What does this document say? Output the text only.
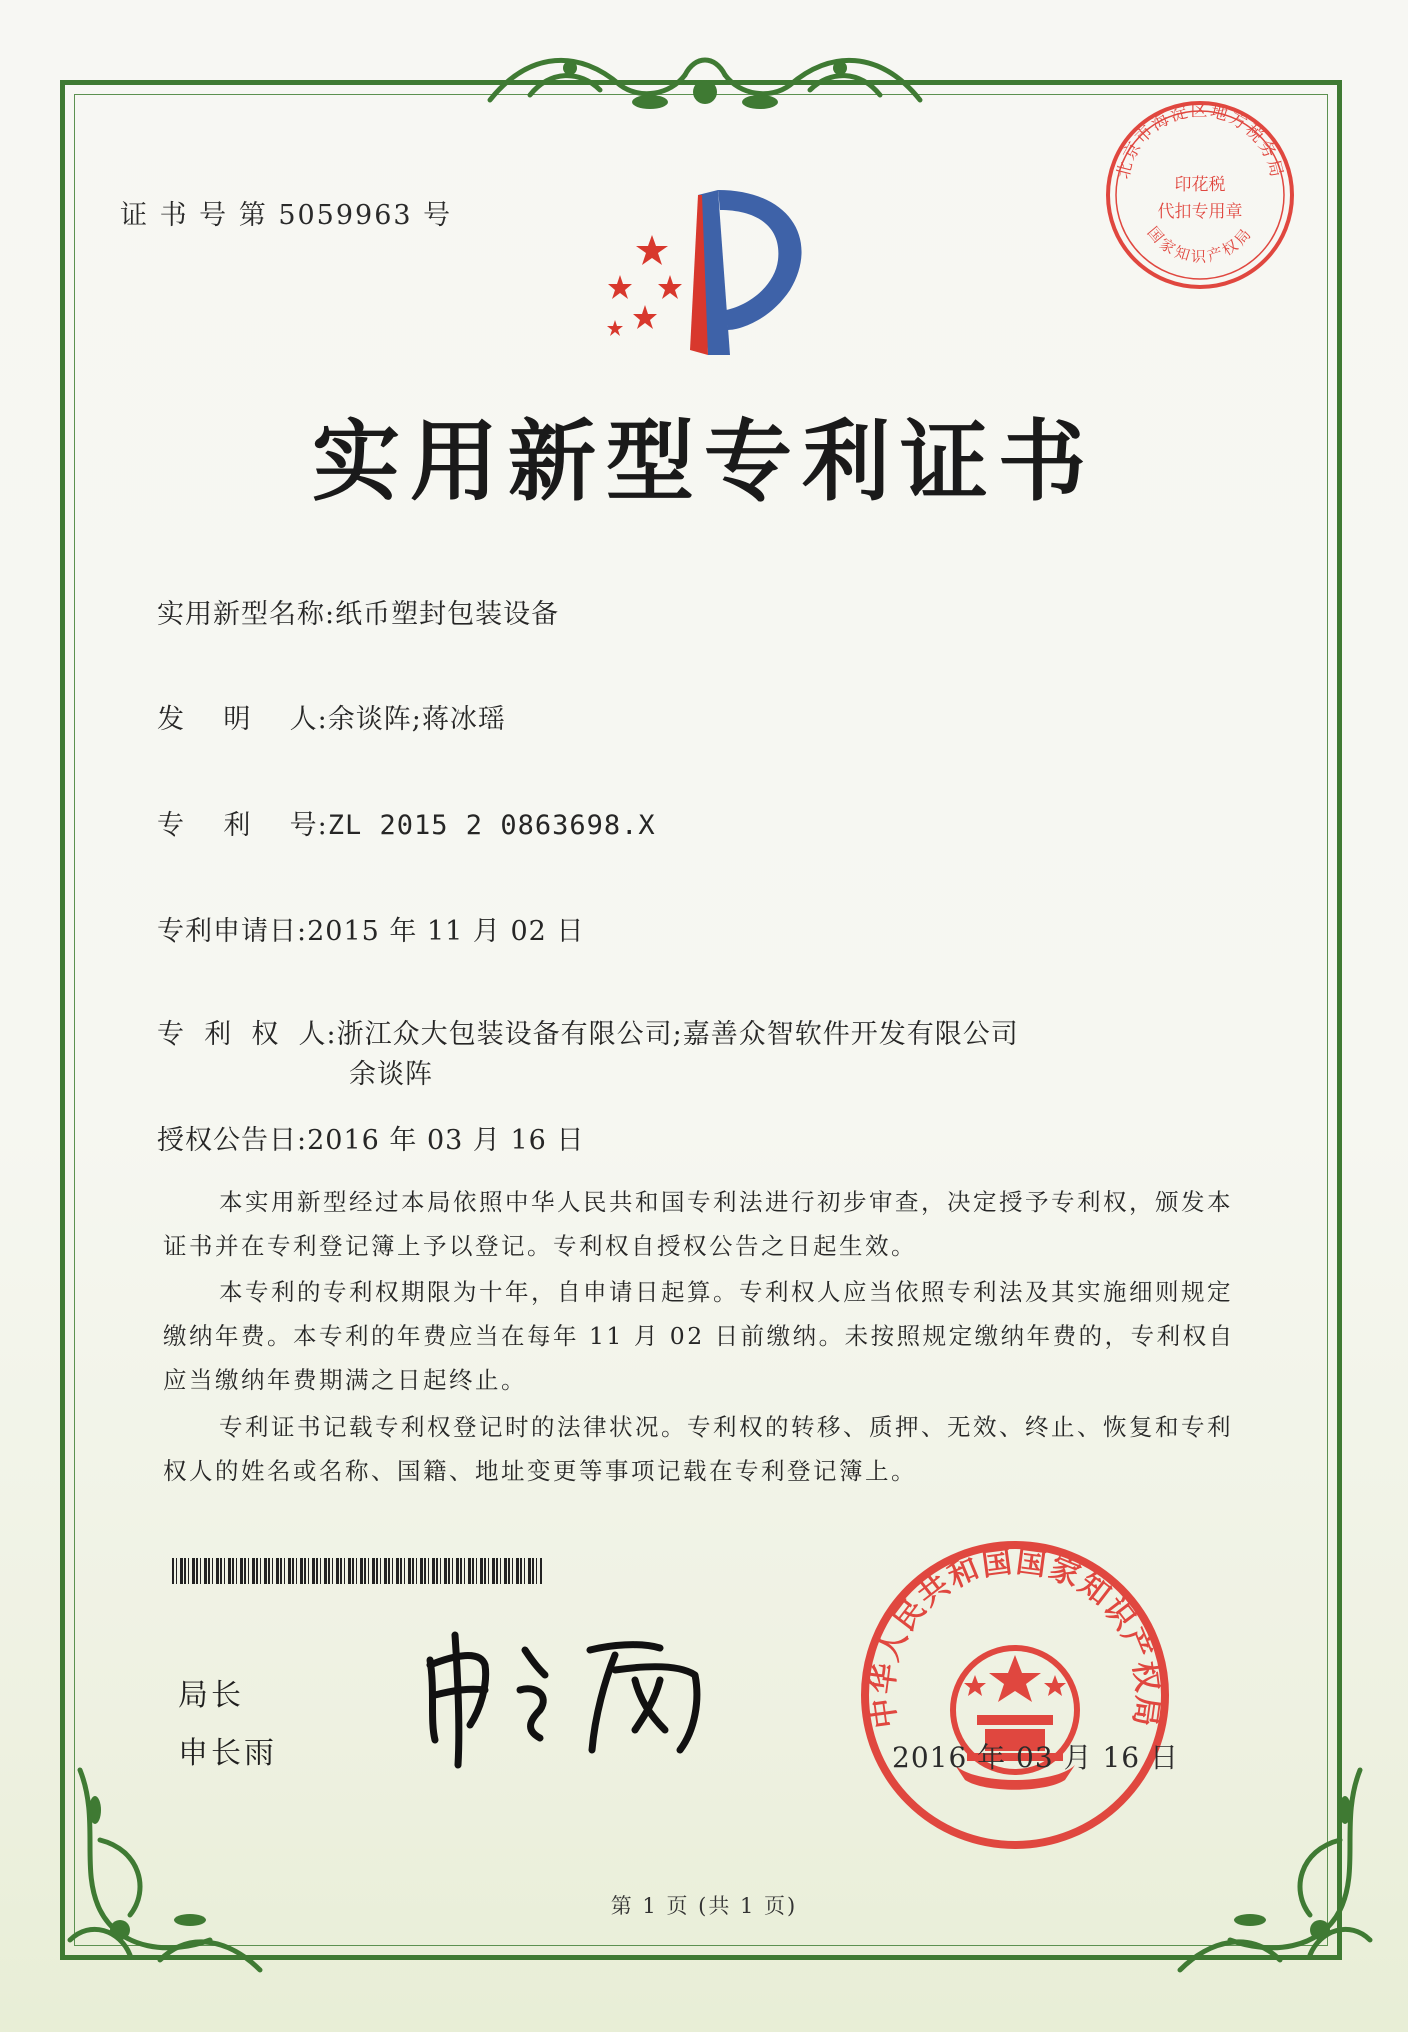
证 书 号 第 5059963 号
北京市海淀区地方税务局
国家知识产权局
印花税
代扣专用章
实用新型专利证书
实用新型名称:纸币塑封包装设备
发    明    人:余谈阵;蒋冰瑶
专    利    号:ZL 2015 2 0863698.X
专利申请日:2015 年 11 月 02 日
专  利  权  人:浙江众大包装设备有限公司;嘉善众智软件开发有限公司
余谈阵
授权公告日:2016 年 03 月 16 日

本实用新型经过本局依照中华人民共和国专利法进行初步审查，决定授予专利权，颁发本证书并在专利登记簿上予以登记。专利权自授权公告之日起生效。

本专利的专利权期限为十年，自申请日起算。专利权人应当依照专利法及其实施细则规定缴纳年费。本专利的年费应当在每年 11 月 02 日前缴纳。未按照规定缴纳年费的，专利权自应当缴纳年费期满之日起终止。

专利证书记载专利权登记时的法律状况。专利权的转移、质押、无效、终止、恢复和专利权人的姓名或名称、国籍、地址变更等事项记载在专利登记簿上。

局长
申长雨
申长雨
中华人民共和国国家知识产权局
2016 年 03 月 16 日
第 1 页 (共 1 页)
